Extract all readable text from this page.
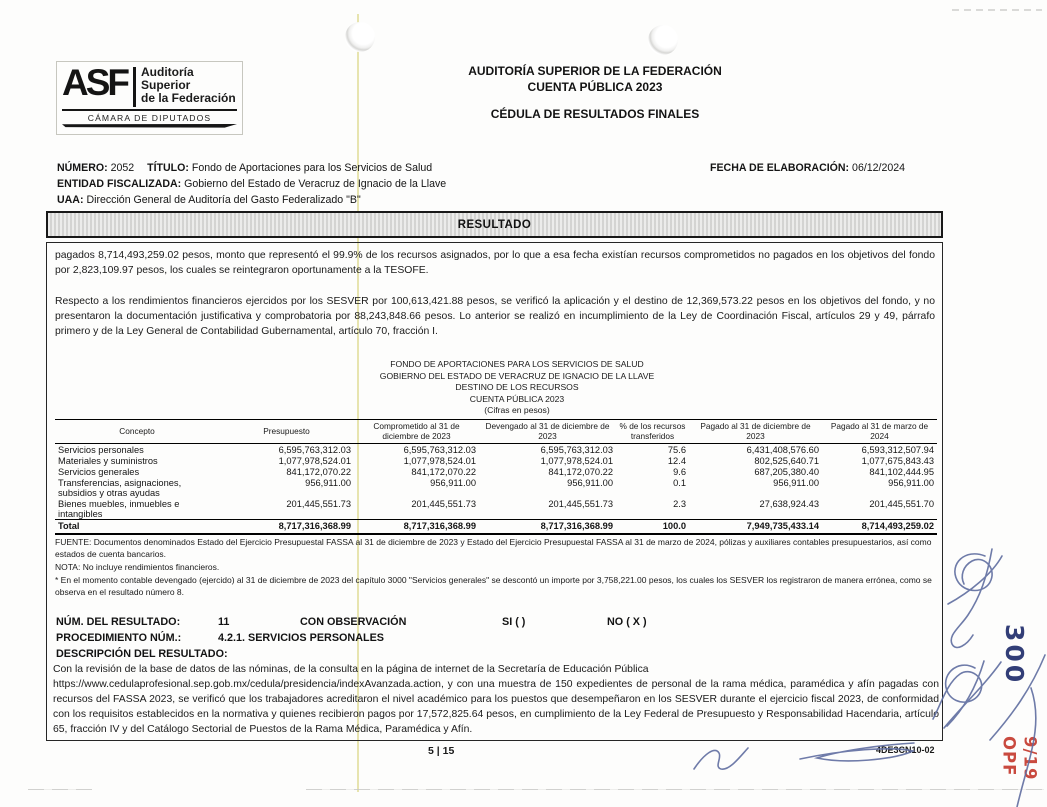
ASF Auditoría
Superior
de la Federación
CÁMARA DE DIPUTADOS
AUDITORÍA SUPERIOR DE LA FEDERACIÓN
CUENTA PÚBLICA 2023
CÉDULA DE RESULTADOS FINALES
NÚMERO: 2052 TÍTULO: Fondo de Aportaciones para los Servicios de Salud
ENTIDAD FISCALIZADA: Gobierno del Estado de Veracruz de Ignacio de la Llave
UAA: Dirección General de Auditoría del Gasto Federalizado "B"
FECHA DE ELABORACIÓN: 06/12/2024
RESULTADO
pagados 8,714,493,259.02 pesos, monto que representó el 99.9% de los recursos asignados, por lo que a esa fecha existían recursos comprometidos no pagados en los objetivos del fondo por 2,823,109.97 pesos, los cuales se reintegraron oportunamente a la TESOFE.
Respecto a los rendimientos financieros ejercidos por los SESVER por 100,613,421.88 pesos, se verificó la aplicación y el destino de 12,369,573.22 pesos en los objetivos del fondo, y no presentaron la documentación justificativa y comprobatoria por 88,243,848.66 pesos. Lo anterior se realizó en incumplimiento de la Ley de Coordinación Fiscal, artículos 29 y 49, párrafo primero y de la Ley General de Contabilidad Gubernamental, artículo 70, fracción I.
FONDO DE APORTACIONES PARA LOS SERVICIOS DE SALUD
GOBIERNO DEL ESTADO DE VERACRUZ DE IGNACIO DE LA LLAVE
DESTINO DE LOS RECURSOS
CUENTA PÚBLICA 2023
(Cifras en pesos)
Concepto	Presupuesto	Comprometido al 31 de diciembre de 2023	Devengado al 31 de diciembre de 2023	% de los recursos transferidos	Pagado al 31 de diciembre de 2023	Pagado al 31 de marzo de 2024
Servicios personales	6,595,763,312.03	6,595,763,312.03	6,595,763,312.03	75.6	6,431,408,576.60	6,593,312,507.94
Materiales y suministros	1,077,978,524.01	1,077,978,524.01	1,077,978,524.01	12.4	802,525,640.71	1,077,675,843.43
Servicios generales	841,172,070.22	841,172,070.22	841,172,070.22	9.6	687,205,380.40	841,102,444.95
Transferencias, asignaciones, subsidios y otras ayudas	956,911.00	956,911.00	956,911.00	0.1	956,911.00	956,911.00
Bienes muebles, inmuebles e intangibles	201,445,551.73	201,445,551.73	201,445,551.73	2.3	27,638,924.43	201,445,551.70
Total	8,717,316,368.99	8,717,316,368.99	8,717,316,368.99	100.0	7,949,735,433.14	8,714,493,259.02
FUENTE: Documentos denominados Estado del Ejercicio Presupuestal FASSA al 31 de diciembre de 2023 y Estado del Ejercicio Presupuestal FASSA al 31 de marzo de 2024, pólizas y auxiliares contables presupuestarios, así como estados de cuenta bancarios.
NOTA: No incluye rendimientos financieros.
* En el momento contable devengado (ejercido) al 31 de diciembre de 2023 del capítulo 3000 "Servicios generales" se descontó un importe por 3,758,221.00 pesos, los cuales los SESVER los registraron de manera errónea, como se observa en el resultado número 8.
NÚM. DEL RESULTADO:	11	CON OBSERVACIÓN	SI ( )	NO ( X )
PROCEDIMIENTO NÚM.:	4.2.1. SERVICIOS PERSONALES
DESCRIPCIÓN DEL RESULTADO:
Con la revisión de la base de datos de las nóminas, de la consulta en la página de internet de la Secretaría de Educación Pública
https://www.cedulaprofesional.sep.gob.mx/cedula/presidencia/indexAvanzada.action, y con una muestra de 150 expedientes de personal de la rama médica, paramédica y afín pagadas con recursos del FASSA 2023, se verificó que los trabajadores acreditaron el nivel académico para los puestos que desempeñaron en los SESVER durante el ejercicio fiscal 2023, de conformidad con los requisitos establecidos en la normativa y quienes recibieron pagos por 17,572,825.64 pesos, en cumplimiento de la Ley Federal de Presupuesto y Responsabilidad Hacendaria, artículo 65, fracción IV y del Catálogo Sectorial de Puestos de la Rama Médica, Paramédica y Afín.
5 | 15	4DE3CN10-02
300
OPF 9/19
